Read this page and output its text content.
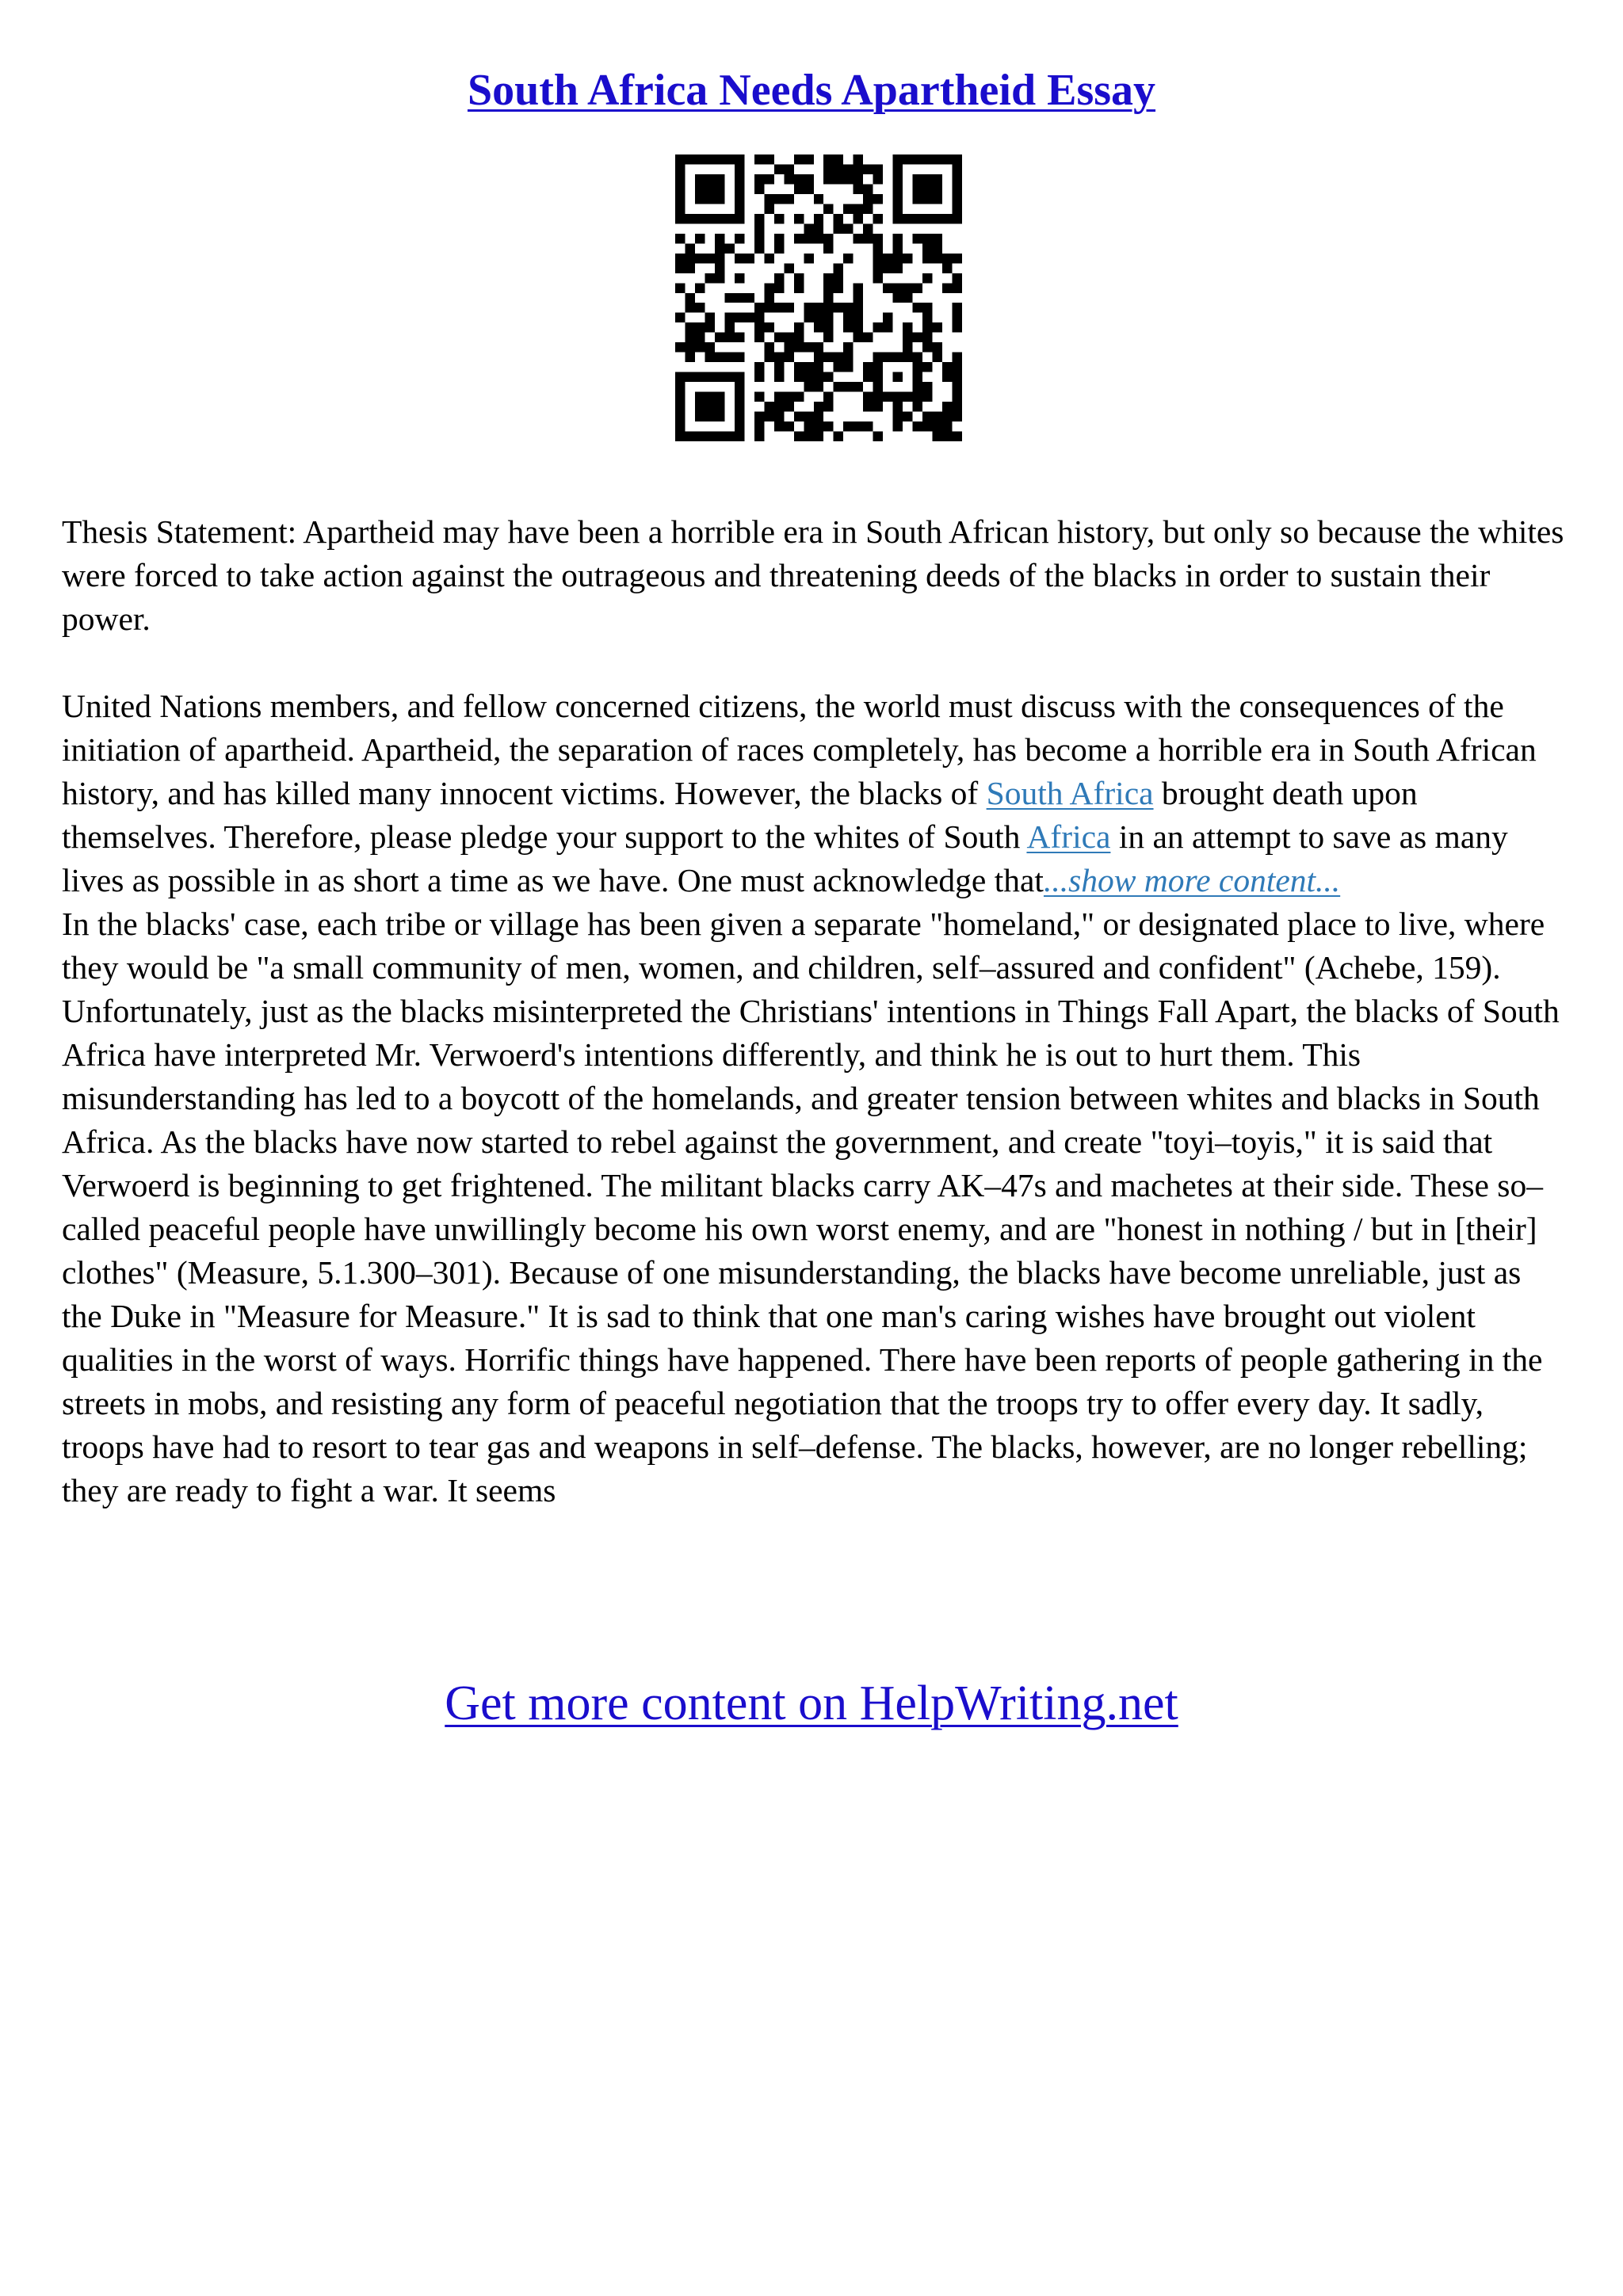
South Africa Needs Apartheid Essay

Thesis Statement: Apartheid may have been a horrible era in South African history, but only so because the whites were forced to take action against the outrageous and threatening deeds of the blacks in order to sustain their power.

United Nations members, and fellow concerned citizens, the world must discuss with the consequences of the initiation of apartheid. Apartheid, the separation of races completely, has become a horrible era in South African history, and has killed many innocent victims. However, the blacks of South Africa brought death upon themselves. Therefore, please pledge your support to the whites of South Africa in an attempt to save as many lives as possible in as short a time as we have. One must acknowledge that...show more content...

In the blacks' case, each tribe or village has been given a separate "homeland," or designated place to live, where they would be "a small community of men, women, and children, self–assured and confident" (Achebe, 159). Unfortunately, just as the blacks misinterpreted the Christians' intentions in Things Fall Apart, the blacks of South Africa have interpreted Mr. Verwoerd's intentions differently, and think he is out to hurt them. This misunderstanding has led to a boycott of the homelands, and greater tension between whites and blacks in South Africa. As the blacks have now started to rebel against the government, and create "toyi–toyis," it is said that Verwoerd is beginning to get frightened. The militant blacks carry AK–47s and machetes at their side. These so–called peaceful people have unwillingly become his own worst enemy, and are "honest in nothing / but in [their] clothes" (Measure, 5.1.300–301). Because of one misunderstanding, the blacks have become unreliable, just as the Duke in "Measure for Measure." It is sad to think that one man's caring wishes have brought out violent qualities in the worst of ways. Horrific things have happened. There have been reports of people gathering in the streets in mobs, and resisting any form of peaceful negotiation that the troops try to offer every day. It sadly, troops have had to resort to tear gas and weapons in self–defense. The blacks, however, are no longer rebelling; they are ready to fight a war. It seems

Get more content on HelpWriting.net
